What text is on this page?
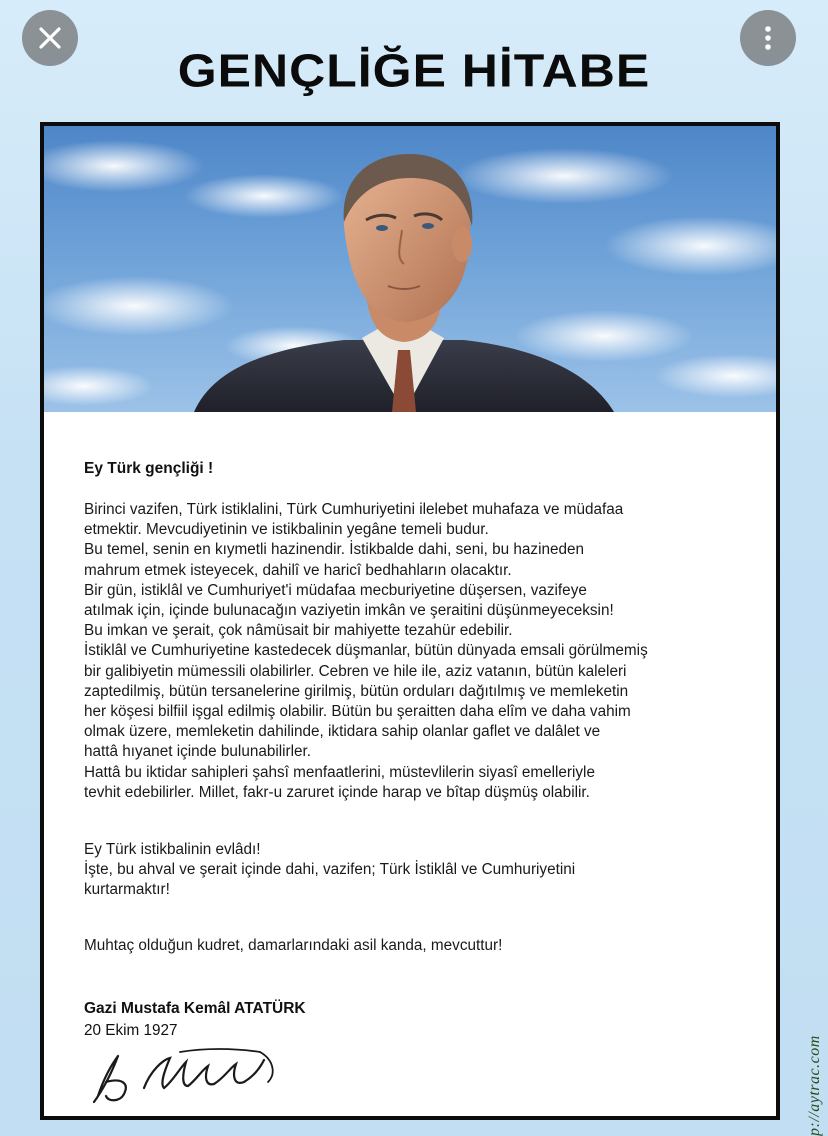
GENÇLİĞE HİTABE
Ey Türk gençliği !
Birinci vazifen, Türk istiklalini, Türk Cumhuriyetini ilelebet muhafaza ve müdafaa
etmektir. Mevcudiyetinin ve istikbalinin yegâne temeli budur.
Bu temel, senin en kıymetli hazinendir. İstikbalde dahi, seni, bu hazineden
mahrum etmek isteyecek, dahilî ve haricî bedhahların olacaktır.
Bir gün, istiklâl ve Cumhuriyet'i müdafaa mecburiyetine düşersen, vazifeye
atılmak için, içinde bulunacağın vaziyetin imkân ve şeraitini düşünmeyeceksin!
Bu imkan ve şerait, çok nâmüsait bir mahiyette tezahür edebilir.
İstiklâl ve Cumhuriyetine kastedecek düşmanlar, bütün dünyada emsali görülmemiş
bir galibiyetin mümessili olabilirler. Cebren ve hile ile, aziz vatanın, bütün kaleleri
zaptedilmiş, bütün tersanelerine girilmiş, bütün orduları dağıtılmış ve memleketin
her köşesi bilfiil işgal edilmiş olabilir. Bütün bu şeraitten daha elîm ve daha vahim
olmak üzere, memleketin dahilinde, iktidara sahip olanlar gaflet ve dalâlet ve
hattâ hıyanet içinde bulunabilirler.
Hattâ bu iktidar sahipleri şahsî menfaatlerini, müstevlilerin siyasî emelleriyle
tevhit edebilirler. Millet, fakr-u zaruret içinde harap ve bîtap düşmüş olabilir.
Ey Türk istikbalinin evlâdı!
İşte, bu ahval ve şerait içinde dahi, vazifen; Türk İstiklâl ve Cumhuriyetini
kurtarmaktır!
Muhtaç olduğun kudret, damarlarındaki asil kanda, mevcuttur!
Gazi Mustafa Kemâl ATATÜRK
20 Ekim 1927
p://aytrac.com
